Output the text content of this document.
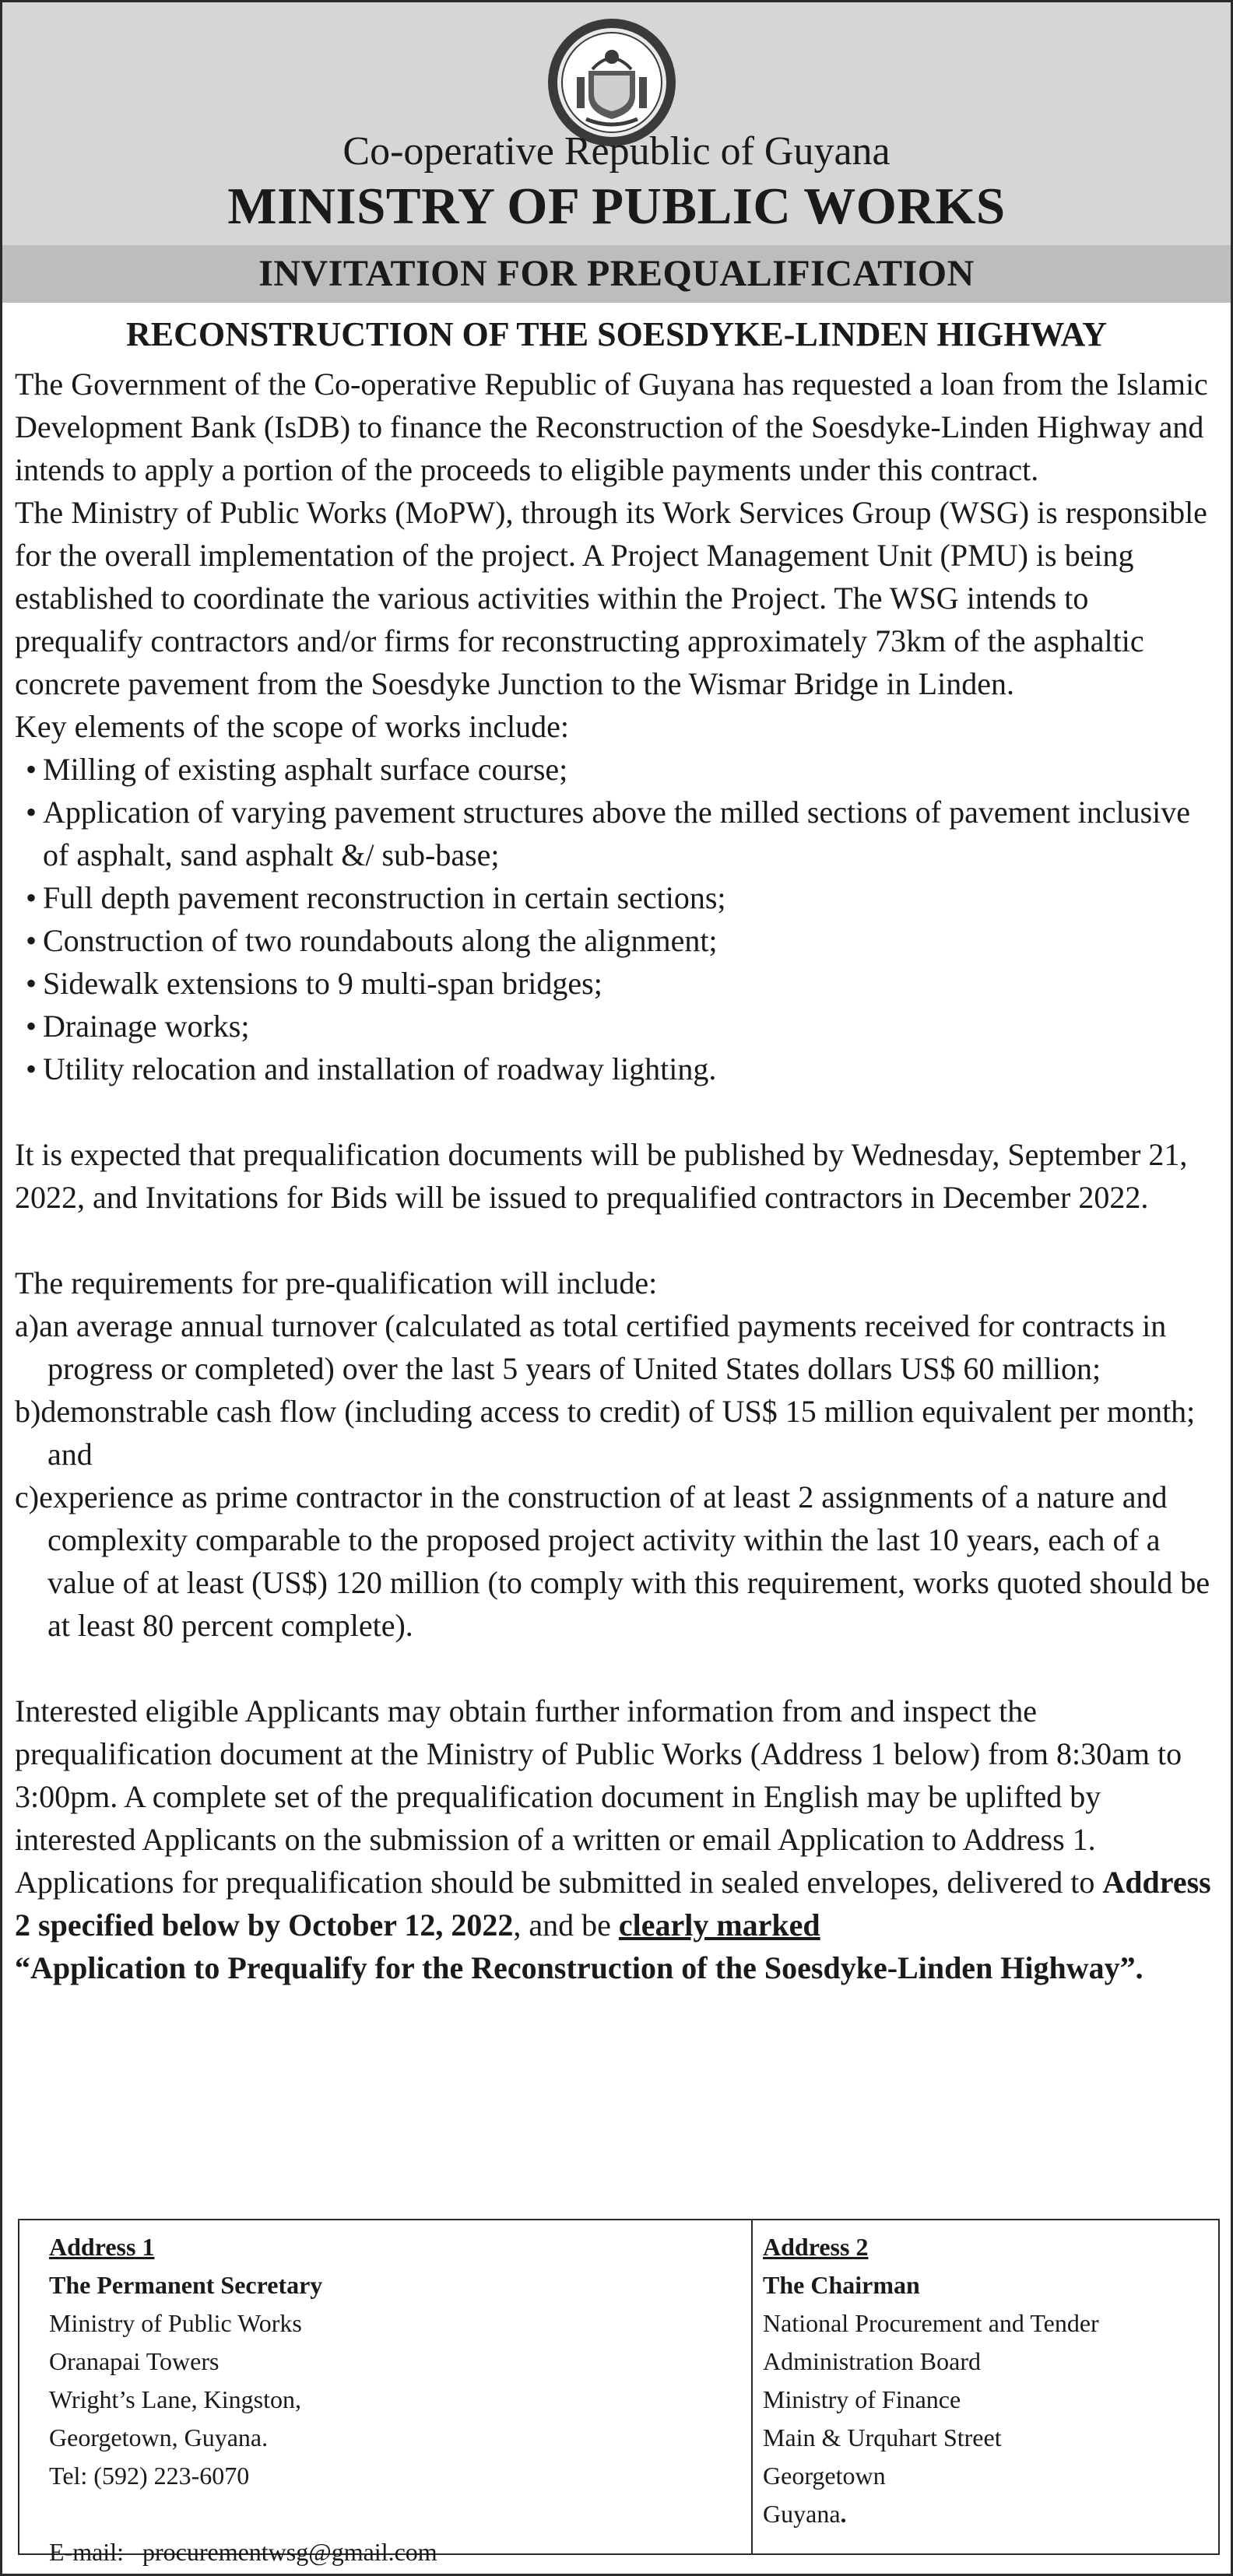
Co-operative Republic of Guyana
MINISTRY OF PUBLIC WORKS
INVITATION FOR PREQUALIFICATION
RECONSTRUCTION OF THE SOESDYKE-LINDEN HIGHWAY

The Government of the Co-operative Republic of Guyana has requested a loan from the Islamic Development Bank (IsDB) to finance the Reconstruction of the Soesdyke-Linden Highway and intends to apply a portion of the proceeds to eligible payments under this contract.

The Ministry of Public Works (MoPW), through its Work Services Group (WSG) is responsible for the overall implementation of the project. A Project Management Unit (PMU) is being established to coordinate the various activities within the Project. The WSG intends to prequalify contractors and/or firms for reconstructing approximately 73km of the asphaltic concrete pavement from the Soesdyke Junction to the Wismar Bridge in Linden.

Key elements of the scope of works include:

• Milling of existing asphalt surface course;

• Application of varying pavement structures above the milled sections of pavement inclusive of asphalt, sand asphalt &/ sub-base;

• Full depth pavement reconstruction in certain sections;

• Construction of two roundabouts along the alignment;

• Sidewalk extensions to 9 multi-span bridges;

• Drainage works;

• Utility relocation and installation of roadway lighting.

It is expected that prequalification documents will be published by Wednesday, September 21, 2022, and Invitations for Bids will be issued to prequalified contractors in December 2022.

The requirements for pre-qualification will include:

a)an average annual turnover (calculated as total certified payments received for contracts in progress or completed) over the last 5 years of United States dollars US$ 60 million;

b)demonstrable cash flow (including access to credit) of US$ 15 million equivalent per month; and

c)experience as prime contractor in the construction of at least 2 assignments of a nature and complexity comparable to the proposed project activity within the last 10 years, each of a value of at least (US$) 120 million (to comply with this requirement, works quoted should be at least 80 percent complete).

Interested eligible Applicants may obtain further information from and inspect the prequalification document at the Ministry of Public Works (Address 1 below) from 8:30am to 3:00pm. A complete set of the prequalification document in English may be uplifted by interested Applicants on the submission of a written or email Application to Address 1.

Applications for prequalification should be submitted in sealed envelopes, delivered to Address 2 specified below by October 12, 2022, and be clearly marked
“Application to Prequalify for the Reconstruction of the Soesdyke-Linden Highway”.

Address 1

The Permanent Secretary

Ministry of Public Works

Oranapai Towers

Wright’s Lane, Kingston,

Georgetown, Guyana.

Tel: (592) 223-6070

E-mail: procurementwsg@gmail.com

Address 2

The Chairman

National Procurement and Tender

Administration Board

Ministry of Finance

Main & Urquhart Street

Georgetown

Guyana.
